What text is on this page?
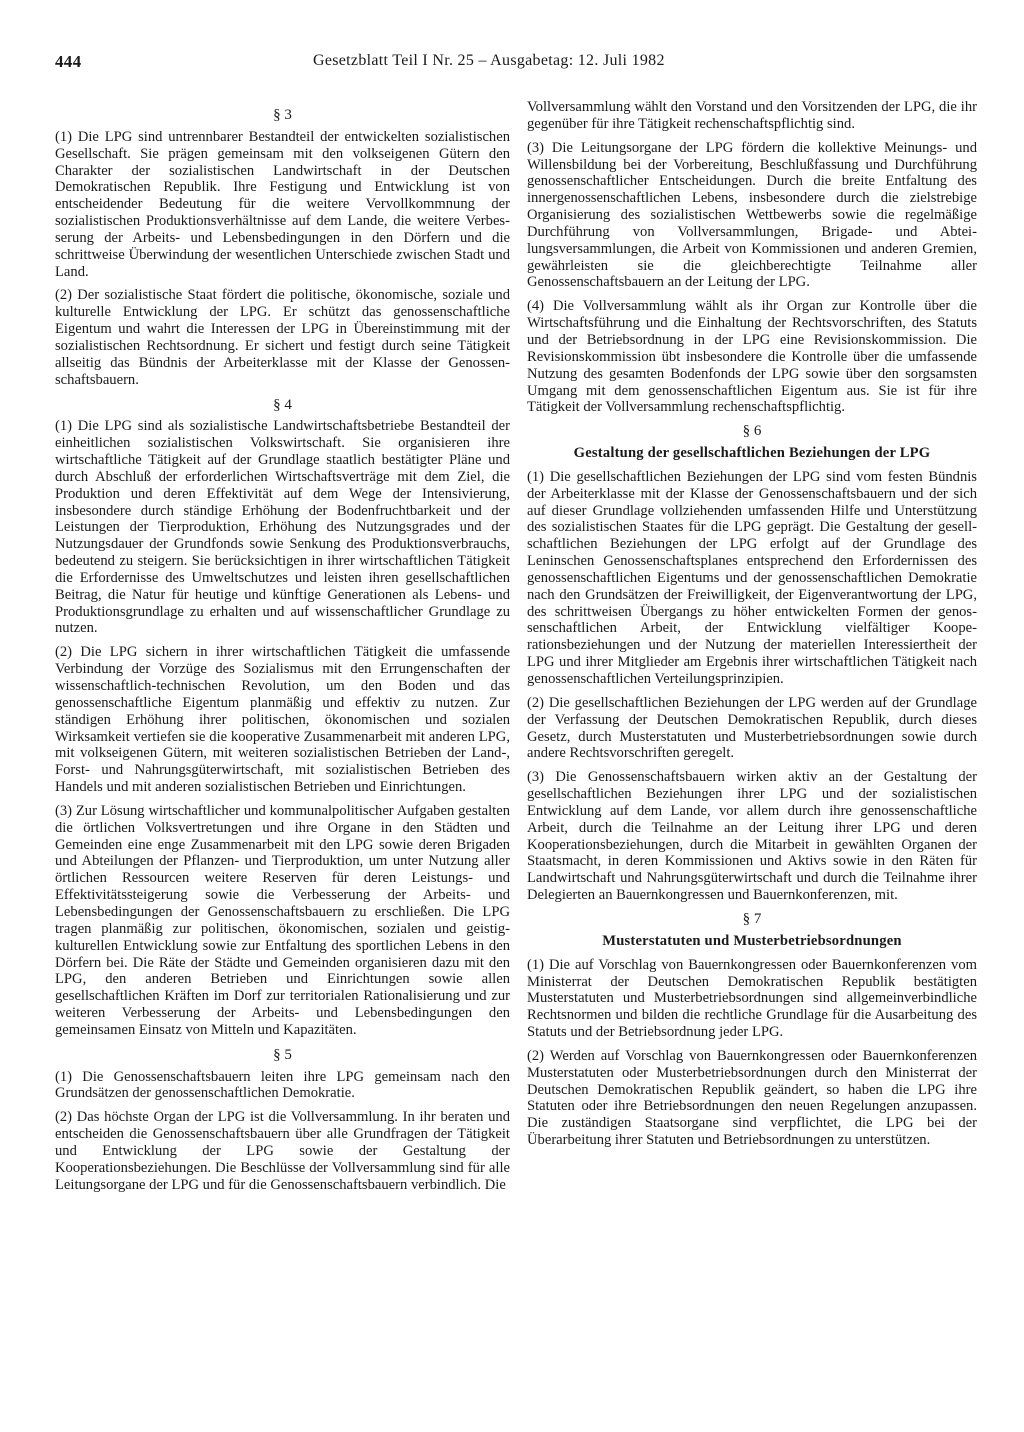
444	Gesetzblatt Teil I Nr. 25 – Ausgabetag: 12. Juli 1982
§ 3

(1) Die LPG sind untrennbarer Bestandteil der entwickelten sozialistischen Gesellschaft. Sie prägen gemeinsam mit den volkseigenen Gütern den Charakter der sozialistischen Landwirtschaft in der Deutschen Demokratischen Republik. Ihre Festigung und Entwicklung ist von entscheidender Bedeutung für die weitere Vervollkommnung der sozialistischen Produktionsverhältnisse auf dem Lande, die weitere Verbesserung der Arbeits- und Lebensbedingungen in den Dörfern und die schrittweise Überwindung der wesentlichen Unterschiede zwischen Stadt und Land.

(2) Der sozialistische Staat fördert die politische, ökonomische, soziale und kulturelle Entwicklung der LPG. Er schützt das genossenschaftliche Eigentum und wahrt die Interessen der LPG in Übereinstimmung mit der sozialistischen Rechtsordnung. Er sichert und festigt durch seine Tätigkeit allseitig das Bündnis der Arbeiterklasse mit der Klasse der Genossenschaftsbauern.

§ 4

(1) Die LPG sind als sozialistische Landwirtschaftsbetriebe Bestandteil der einheitlichen sozialistischen Volkswirtschaft. Sie organisieren ihre wirtschaftliche Tätigkeit auf der Grundlage staatlich bestätigter Pläne und durch Abschluß der erforderlichen Wirtschaftsverträge mit dem Ziel, die Produktion und deren Effektivität auf dem Wege der Intensivierung, insbesondere durch ständige Erhöhung der Bodenfruchtbarkeit und der Leistungen der Tierproduktion, Erhöhung des Nutzungsgrades und der Nutzungsdauer der Grundfonds sowie Senkung des Produktionsverbrauchs, bedeutend zu steigern. Sie berücksichtigen in ihrer wirtschaftlichen Tätigkeit die Erfordernisse des Umweltschutzes und leisten ihren gesellschaftlichen Beitrag, die Natur für heutige und künftige Generationen als Lebens- und Produktionsgrundlage zu erhalten und auf wissenschaftlicher Grundlage zu nutzen.

(2) Die LPG sichern in ihrer wirtschaftlichen Tätigkeit die umfassende Verbindung der Vorzüge des Sozialismus mit den Errungenschaften der wissenschaftlich-technischen Revolution, um den Boden und das genossenschaftliche Eigentum planmäßig und effektiv zu nutzen. Zur ständigen Erhöhung ihrer politischen, ökonomischen und sozialen Wirksamkeit vertiefen sie die kooperative Zusammenarbeit mit anderen LPG, mit volkseigenen Gütern, mit weiteren sozialistischen Betrieben der Land-, Forst- und Nahrungsgüterwirtschaft, mit sozialistischen Betrieben des Handels und mit anderen sozialistischen Betrieben und Einrichtungen.

(3) Zur Lösung wirtschaftlicher und kommunalpolitischer Aufgaben gestalten die örtlichen Volksvertretungen und ihre Organe in den Städten und Gemeinden eine enge Zusammenarbeit mit den LPG sowie deren Brigaden und Abteilungen der Pflanzen- und Tierproduktion, um unter Nutzung aller örtlichen Ressourcen weitere Reserven für deren Leistungs- und Effektivitätssteigerung sowie die Verbesserung der Arbeits- und Lebensbedingungen der Genossenschaftsbauern zu erschließen. Die LPG tragen planmäßig zur politischen, ökonomischen, sozialen und geistig-kulturellen Entwicklung sowie zur Entfaltung des sportlichen Lebens in den Dörfern bei. Die Räte der Städte und Gemeinden organisieren dazu mit den LPG, den anderen Betrieben und Einrichtungen sowie allen gesellschaftlichen Kräften im Dorf zur territorialen Rationalisierung und zur weiteren Verbesserung der Arbeits- und Lebensbedingungen den gemeinsamen Einsatz von Mitteln und Kapazitäten.

§ 5

(1) Die Genossenschaftsbauern leiten ihre LPG gemeinsam nach den Grundsätzen der genossenschaftlichen Demokratie.

(2) Das höchste Organ der LPG ist die Vollversammlung. In ihr beraten und entscheiden die Genossenschaftsbauern über alle Grundfragen der Tätigkeit und Entwicklung der LPG sowie der Gestaltung der Kooperationsbeziehungen. Die Beschlüsse der Vollversammlung sind für alle Leitungsorgane der LPG und für die Genossenschaftsbauern verbindlich. Die

Vollversammlung wählt den Vorstand und den Vorsitzenden der LPG, die ihr gegenüber für ihre Tätigkeit rechenschaftspflichtig sind.

(3) Die Leitungsorgane der LPG fördern die kollektive Meinungs- und Willensbildung bei der Vorbereitung, Beschlußfassung und Durchführung genossenschaftlicher Entscheidungen. Durch die breite Entfaltung des innergenossenschaftlichen Lebens, insbesondere durch die zielstrebige Organisierung des sozialistischen Wettbewerbs sowie die regelmäßige Durchführung von Vollversammlungen, Brigade- und Abteilungsversammlungen, die Arbeit von Kommissionen und anderen Gremien, gewährleisten sie die gleichberechtigte Teilnahme aller Genossenschaftsbauern an der Leitung der LPG.

(4) Die Vollversammlung wählt als ihr Organ zur Kontrolle über die Wirtschaftsführung und die Einhaltung der Rechtsvorschriften, des Statuts und der Betriebsordnung in der LPG eine Revisionskommission. Die Revisionskommission übt insbesondere die Kontrolle über die umfassende Nutzung des gesamten Bodenfonds der LPG sowie über den sorgsamsten Umgang mit dem genossenschaftlichen Eigentum aus. Sie ist für ihre Tätigkeit der Vollversammlung rechenschaftspflichtig.

§ 6
Gestaltung der gesellschaftlichen Beziehungen der LPG

(1) Die gesellschaftlichen Beziehungen der LPG sind vom festen Bündnis der Arbeiterklasse mit der Klasse der Genossenschaftsbauern und der sich auf dieser Grundlage vollziehenden umfassenden Hilfe und Unterstützung des sozialistischen Staates für die LPG geprägt. Die Gestaltung der gesellschaftlichen Beziehungen der LPG erfolgt auf der Grundlage des Leninschen Genossenschaftsplanes entsprechend den Erfordernissen des genossenschaftlichen Eigentums und der genossenschaftlichen Demokratie nach den Grundsätzen der Freiwilligkeit, der Eigenverantwortung der LPG, des schrittweisen Übergangs zu höher entwickelten Formen der genossenschaftlichen Arbeit, der Entwicklung vielfältiger Kooperationsbeziehungen und der Nutzung der materiellen Interessiertheit der LPG und ihrer Mitglieder am Ergebnis ihrer wirtschaftlichen Tätigkeit nach genossenschaftlichen Verteilungsprinzipien.

(2) Die gesellschaftlichen Beziehungen der LPG werden auf der Grundlage der Verfassung der Deutschen Demokratischen Republik, durch dieses Gesetz, durch Musterstatuten und Musterbetriebsordnungen sowie durch andere Rechtsvorschriften geregelt.

(3) Die Genossenschaftsbauern wirken aktiv an der Gestaltung der gesellschaftlichen Beziehungen ihrer LPG und der sozialistischen Entwicklung auf dem Lande, vor allem durch ihre genossenschaftliche Arbeit, durch die Teilnahme an der Leitung ihrer LPG und deren Kooperationsbeziehungen, durch die Mitarbeit in gewählten Organen der Staatsmacht, in deren Kommissionen und Aktivs sowie in den Räten für Landwirtschaft und Nahrungsgüterwirtschaft und durch die Teilnahme ihrer Delegierten an Bauernkongressen und Bauernkonferenzen, mit.

§ 7
Musterstatuten und Musterbetriebsordnungen

(1) Die auf Vorschlag von Bauernkongressen oder Bauernkonferenzen vom Ministerrat der Deutschen Demokratischen Republik bestätigten Musterstatuten und Musterbetriebsordnungen sind allgemeinverbindliche Rechtsnormen und bilden die rechtliche Grundlage für die Ausarbeitung des Statuts und der Betriebsordnung jeder LPG.

(2) Werden auf Vorschlag von Bauernkongressen oder Bauernkonferenzen Musterstatuten oder Musterbetriebsordnungen durch den Ministerrat der Deutschen Demokratischen Republik geändert, so haben die LPG ihre Statuten oder ihre Betriebsordnungen den neuen Regelungen anzupassen. Die zuständigen Staatsorgane sind verpflichtet, die LPG bei der Überarbeitung ihrer Statuten und Betriebsordnungen zu unterstützen.
